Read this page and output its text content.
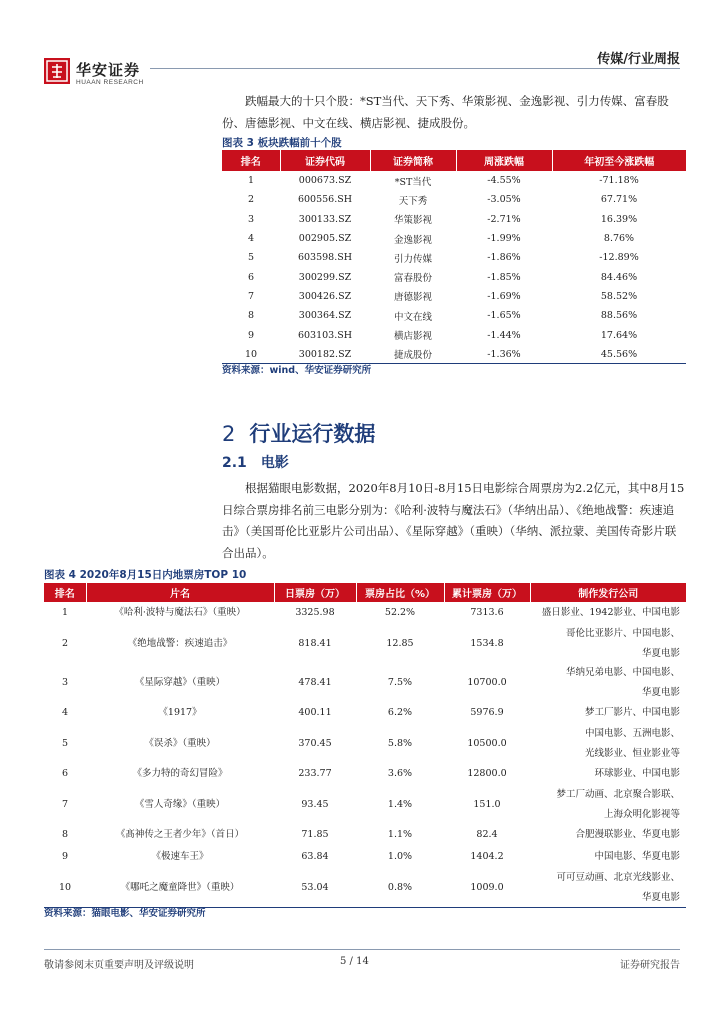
华安证券
HUAAN RESEARCH
传媒/行业周报

跌幅最大的十只个股：*ST当代、天下秀、华策影视、金逸影视、引力传媒、富春股份、唐德影视、中文在线、横店影视、捷成股份。

图表 3 板块跌幅前十个股
排名	证券代码	证券简称	周涨跌幅	年初至今涨跌幅
1	000673.SZ	*ST当代	-4.55%	-71.18%
2	600556.SH	天下秀	-3.05%	67.71%
3	300133.SZ	华策影视	-2.71%	16.39%
4	002905.SZ	金逸影视	-1.99%	8.76%
5	603598.SH	引力传媒	-1.86%	-12.89%
6	300299.SZ	富春股份	-1.85%	84.46%
7	300426.SZ	唐德影视	-1.69%	58.52%
8	300364.SZ	中文在线	-1.65%	88.56%
9	603103.SH	横店影视	-1.44%	17.64%
10	300182.SZ	捷成股份	-1.36%	45.56%
资料来源：wind、华安证券研究所
2 行业运行数据
2.1 电影

根据猫眼电影数据，2020年8月10日-8月15日电影综合周票房为2.2亿元，其中8月15日综合票房排名前三电影分别为：《哈利·波特与魔法石》（华纳出品）、《绝地战警：疾速追击》（美国哥伦比亚影片公司出品）、《星际穿越》（重映）（华纳、派拉蒙、美国传奇影片联合出品）。

图表 4 2020年8月15日内地票房TOP 10
排名	片名	日票房（万）	票房占比（%）	累计票房（万）	制作发行公司
1	《哈利·波特与魔法石》（重映）	3325.98	52.2%	7313.6	盛日影业、1942影业、中国电影

2	《绝地战警：疾速追击》	818.41	12.85	1534.8	哥伦比亚影片、中国电影、
华夏电影

3	《星际穿越》（重映）	478.41	7.5%	10700.0	华纳兄弟电影、中国电影、
华夏电影

4	《1917》	400.11	6.2%	5976.9	梦工厂影片、中国电影

5	《误杀》（重映）	370.45	5.8%	10500.0	中国电影、五洲电影、
光线影业、恒业影业等

6	《多力特的奇幻冒险》	233.77	3.6%	12800.0	环球影业、中国电影

7	《雪人奇缘》（重映）	93.45	1.4%	151.0	梦工厂动画、北京聚合影联、
上海众明化影视等

8	《髙神传之王者少年》（首日）	71.85	1.1%	82.4	合肥漫联影业、华夏电影

9	《极速车王》	63.84	1.0%	1404.2	中国电影、华夏电影

10	《哪吒之魔童降世》（重映）	53.04	0.8%	1009.0	可可豆动画、北京光线影业、
华夏电影
资料来源：猫眼电影、华安证券研究所
敬请参阅末页重要声明及评级说明	5 / 14	证券研究报告
